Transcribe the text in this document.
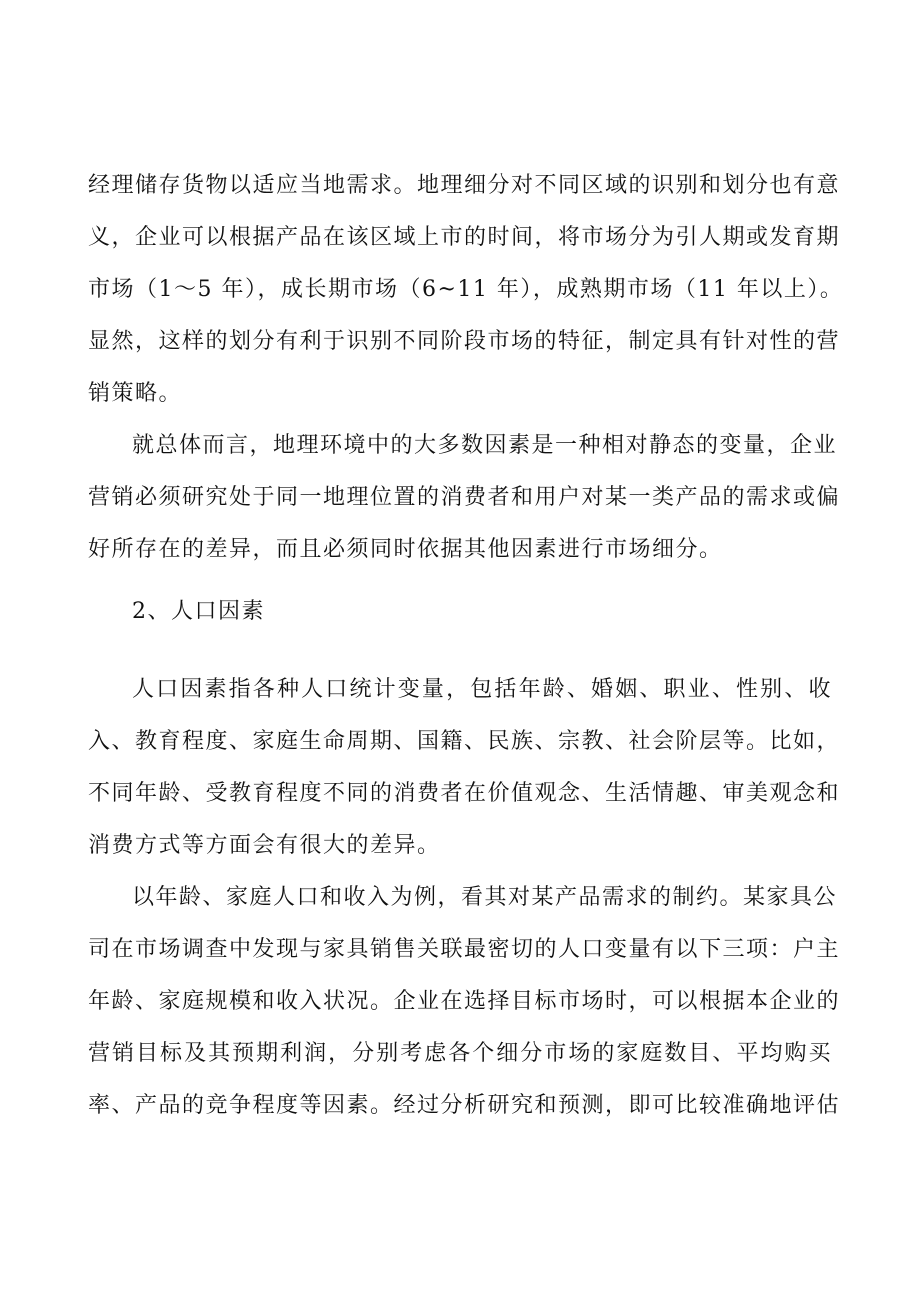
经理储存货物以适应当地需求。地理细分对不同区域的识别和划分也有意
义，企业可以根据产品在该区域上市的时间，将市场分为引人期或发育期
市场（1～5 年），成长期市场（6~11 年），成熟期市场（11 年以上）。
显然，这样的划分有利于识别不同阶段市场的特征，制定具有针对性的营
销策略。
就总体而言，地理环境中的大多数因素是一种相对静态的变量，企业
营销必须研究处于同一地理位置的消费者和用户对某一类产品的需求或偏
好所存在的差异，而且必须同时依据其他因素进行市场细分。
2、人口因素
人口因素指各种人口统计变量，包括年龄、婚姻、职业、性别、收
入、教育程度、家庭生命周期、国籍、民族、宗教、社会阶层等。比如，
不同年龄、受教育程度不同的消费者在价值观念、生活情趣、审美观念和
消费方式等方面会有很大的差异。
以年龄、家庭人口和收入为例，看其对某产品需求的制约。某家具公
司在市场调查中发现与家具销售关联最密切的人口变量有以下三项：户主
年龄、家庭规模和收入状况。企业在选择目标市场时，可以根据本企业的
营销目标及其预期利润，分别考虑各个细分市场的家庭数目、平均购买
率、产品的竞争程度等因素。经过分析研究和预测，即可比较准确地评估
